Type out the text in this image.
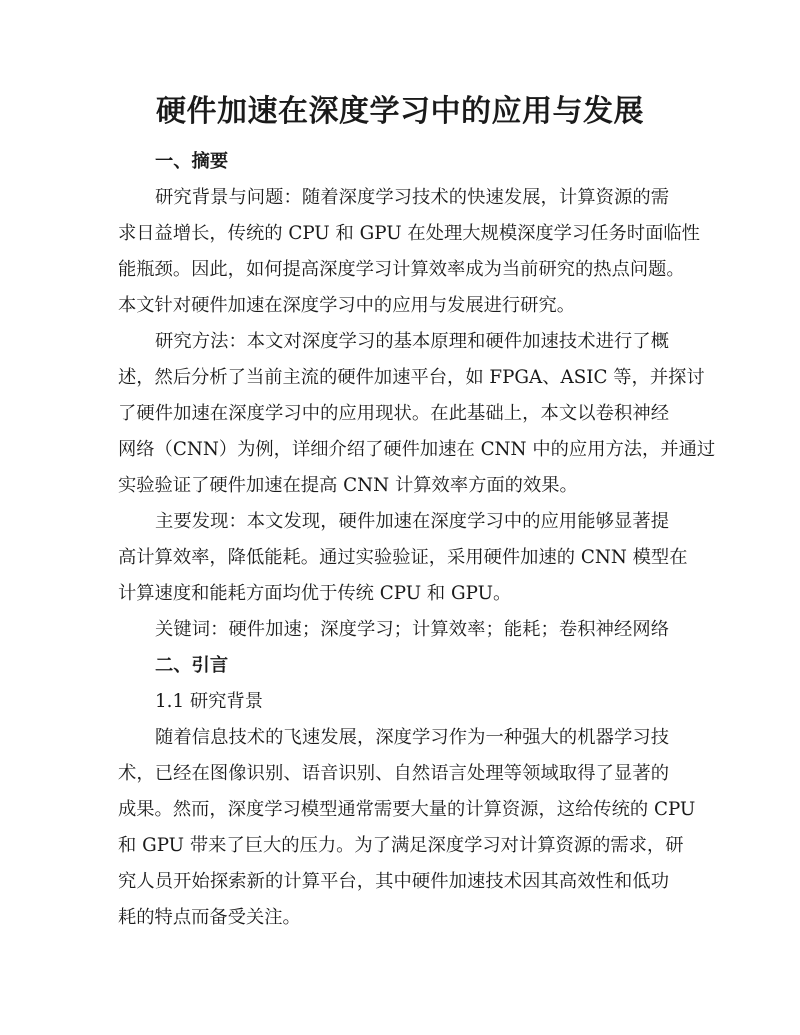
硬件加速在深度学习中的应用与发展
一、摘要
研究背景与问题：随着深度学习技术的快速发展，计算资源的需
求日益增长，传统的 CPU 和 GPU 在处理大规模深度学习任务时面临性
能瓶颈。因此，如何提高深度学习计算效率成为当前研究的热点问题。
本文针对硬件加速在深度学习中的应用与发展进行研究。
研究方法：本文对深度学习的基本原理和硬件加速技术进行了概
述，然后分析了当前主流的硬件加速平台，如 FPGA、ASIC 等，并探讨
了硬件加速在深度学习中的应用现状。在此基础上，本文以卷积神经
网络（CNN）为例，详细介绍了硬件加速在 CNN 中的应用方法，并通过
实验验证了硬件加速在提高 CNN 计算效率方面的效果。
主要发现：本文发现，硬件加速在深度学习中的应用能够显著提
高计算效率，降低能耗。通过实验验证，采用硬件加速的 CNN 模型在
计算速度和能耗方面均优于传统 CPU 和 GPU。
关键词：硬件加速；深度学习；计算效率；能耗；卷积神经网络
二、引言
1.1 研究背景
随着信息技术的飞速发展，深度学习作为一种强大的机器学习技
术，已经在图像识别、语音识别、自然语言处理等领域取得了显著的
成果。然而，深度学习模型通常需要大量的计算资源，这给传统的 CPU
和 GPU 带来了巨大的压力。为了满足深度学习对计算资源的需求，研
究人员开始探索新的计算平台，其中硬件加速技术因其高效性和低功
耗的特点而备受关注。
